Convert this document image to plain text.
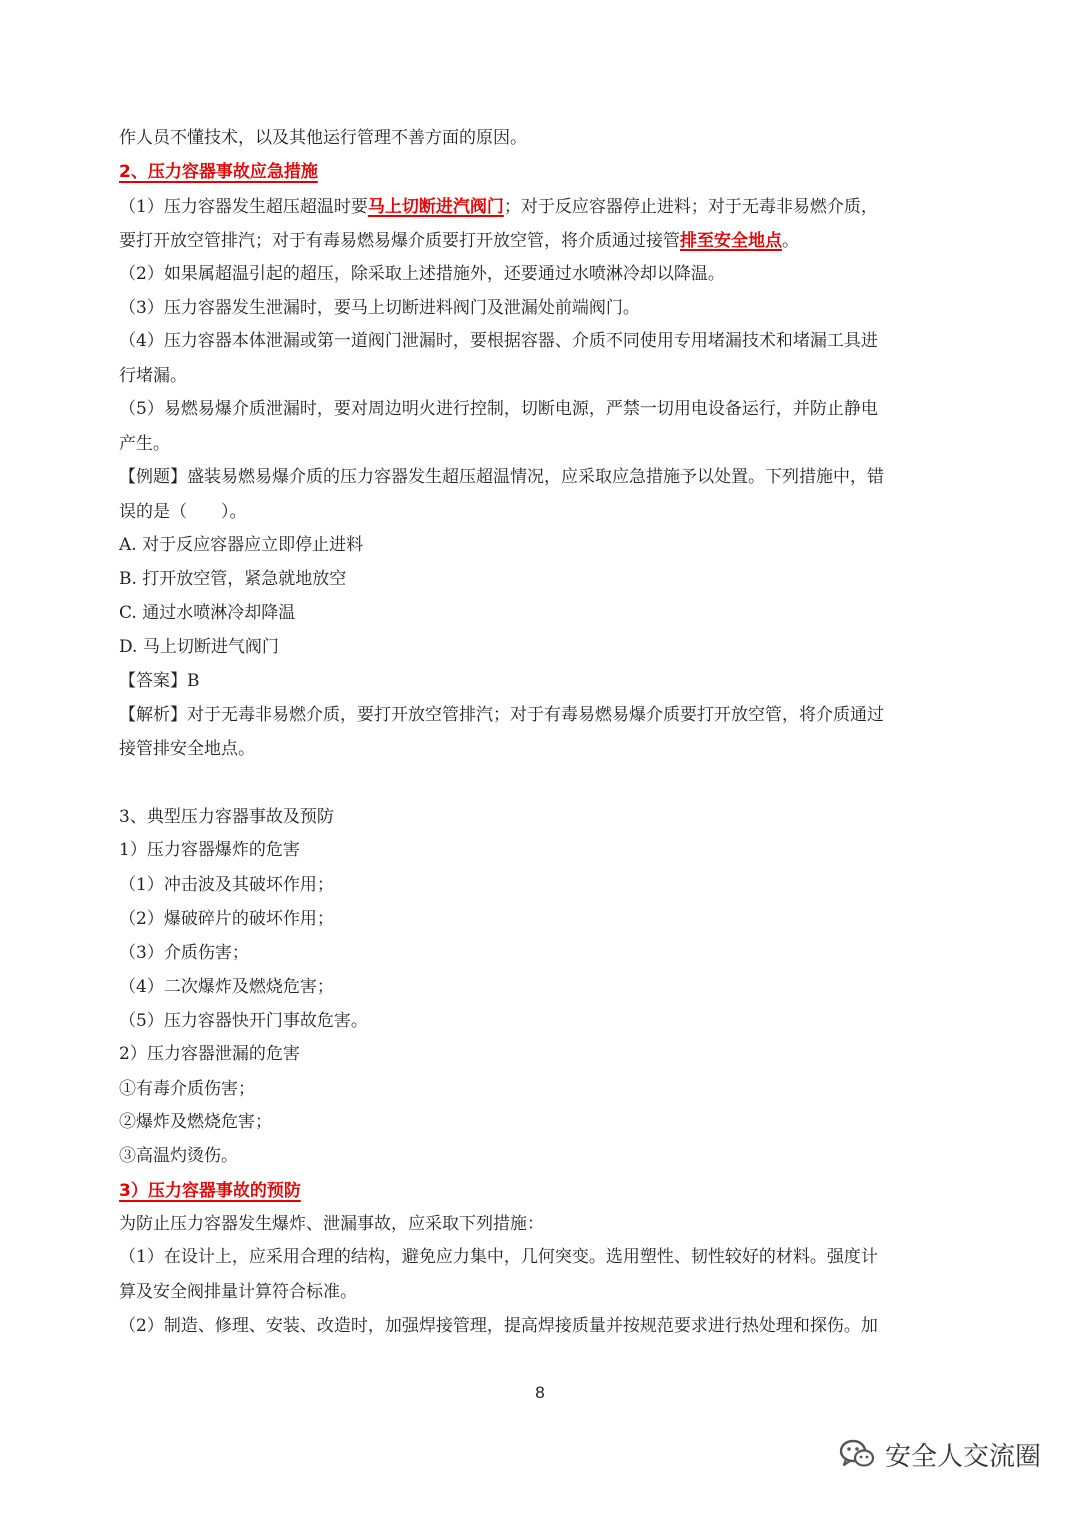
作人员不懂技术，以及其他运行管理不善方面的原因。
2、压力容器事故应急措施
（1）压力容器发生超压超温时要马上切断进汽阀门；对于反应容器停止进料；对于无毒非易燃介质，
要打开放空管排汽；对于有毒易燃易爆介质要打开放空管，将介质通过接管排至安全地点。
（2）如果属超温引起的超压，除采取上述措施外，还要通过水喷淋冷却以降温。
（3）压力容器发生泄漏时，要马上切断进料阀门及泄漏处前端阀门。
（4）压力容器本体泄漏或第一道阀门泄漏时，要根据容器、介质不同使用专用堵漏技术和堵漏工具进
行堵漏。
（5）易燃易爆介质泄漏时，要对周边明火进行控制，切断电源，严禁一切用电设备运行，并防止静电
产生。
【例题】盛装易燃易爆介质的压力容器发生超压超温情况，应采取应急措施予以处置。下列措施中，错
误的是（　　）。
A. 对于反应容器应立即停止进料
B. 打开放空管，紧急就地放空
C. 通过水喷淋冷却降温
D. 马上切断进气阀门
【答案】B
【解析】对于无毒非易燃介质，要打开放空管排汽；对于有毒易燃易爆介质要打开放空管，将介质通过
接管排安全地点。
3、典型压力容器事故及预防
1）压力容器爆炸的危害
（1）冲击波及其破坏作用；
（2）爆破碎片的破坏作用；
（3）介质伤害；
（4）二次爆炸及燃烧危害；
（5）压力容器快开门事故危害。
2）压力容器泄漏的危害
①有毒介质伤害；
②爆炸及燃烧危害；
③高温灼烫伤。
3）压力容器事故的预防
为防止压力容器发生爆炸、泄漏事故，应采取下列措施：
（1）在设计上，应采用合理的结构，避免应力集中，几何突变。选用塑性、韧性较好的材料。强度计
算及安全阀排量计算符合标准。
（2）制造、修理、安装、改造时，加强焊接管理，提高焊接质量并按规范要求进行热处理和探伤。加
8
安全人交流圈
